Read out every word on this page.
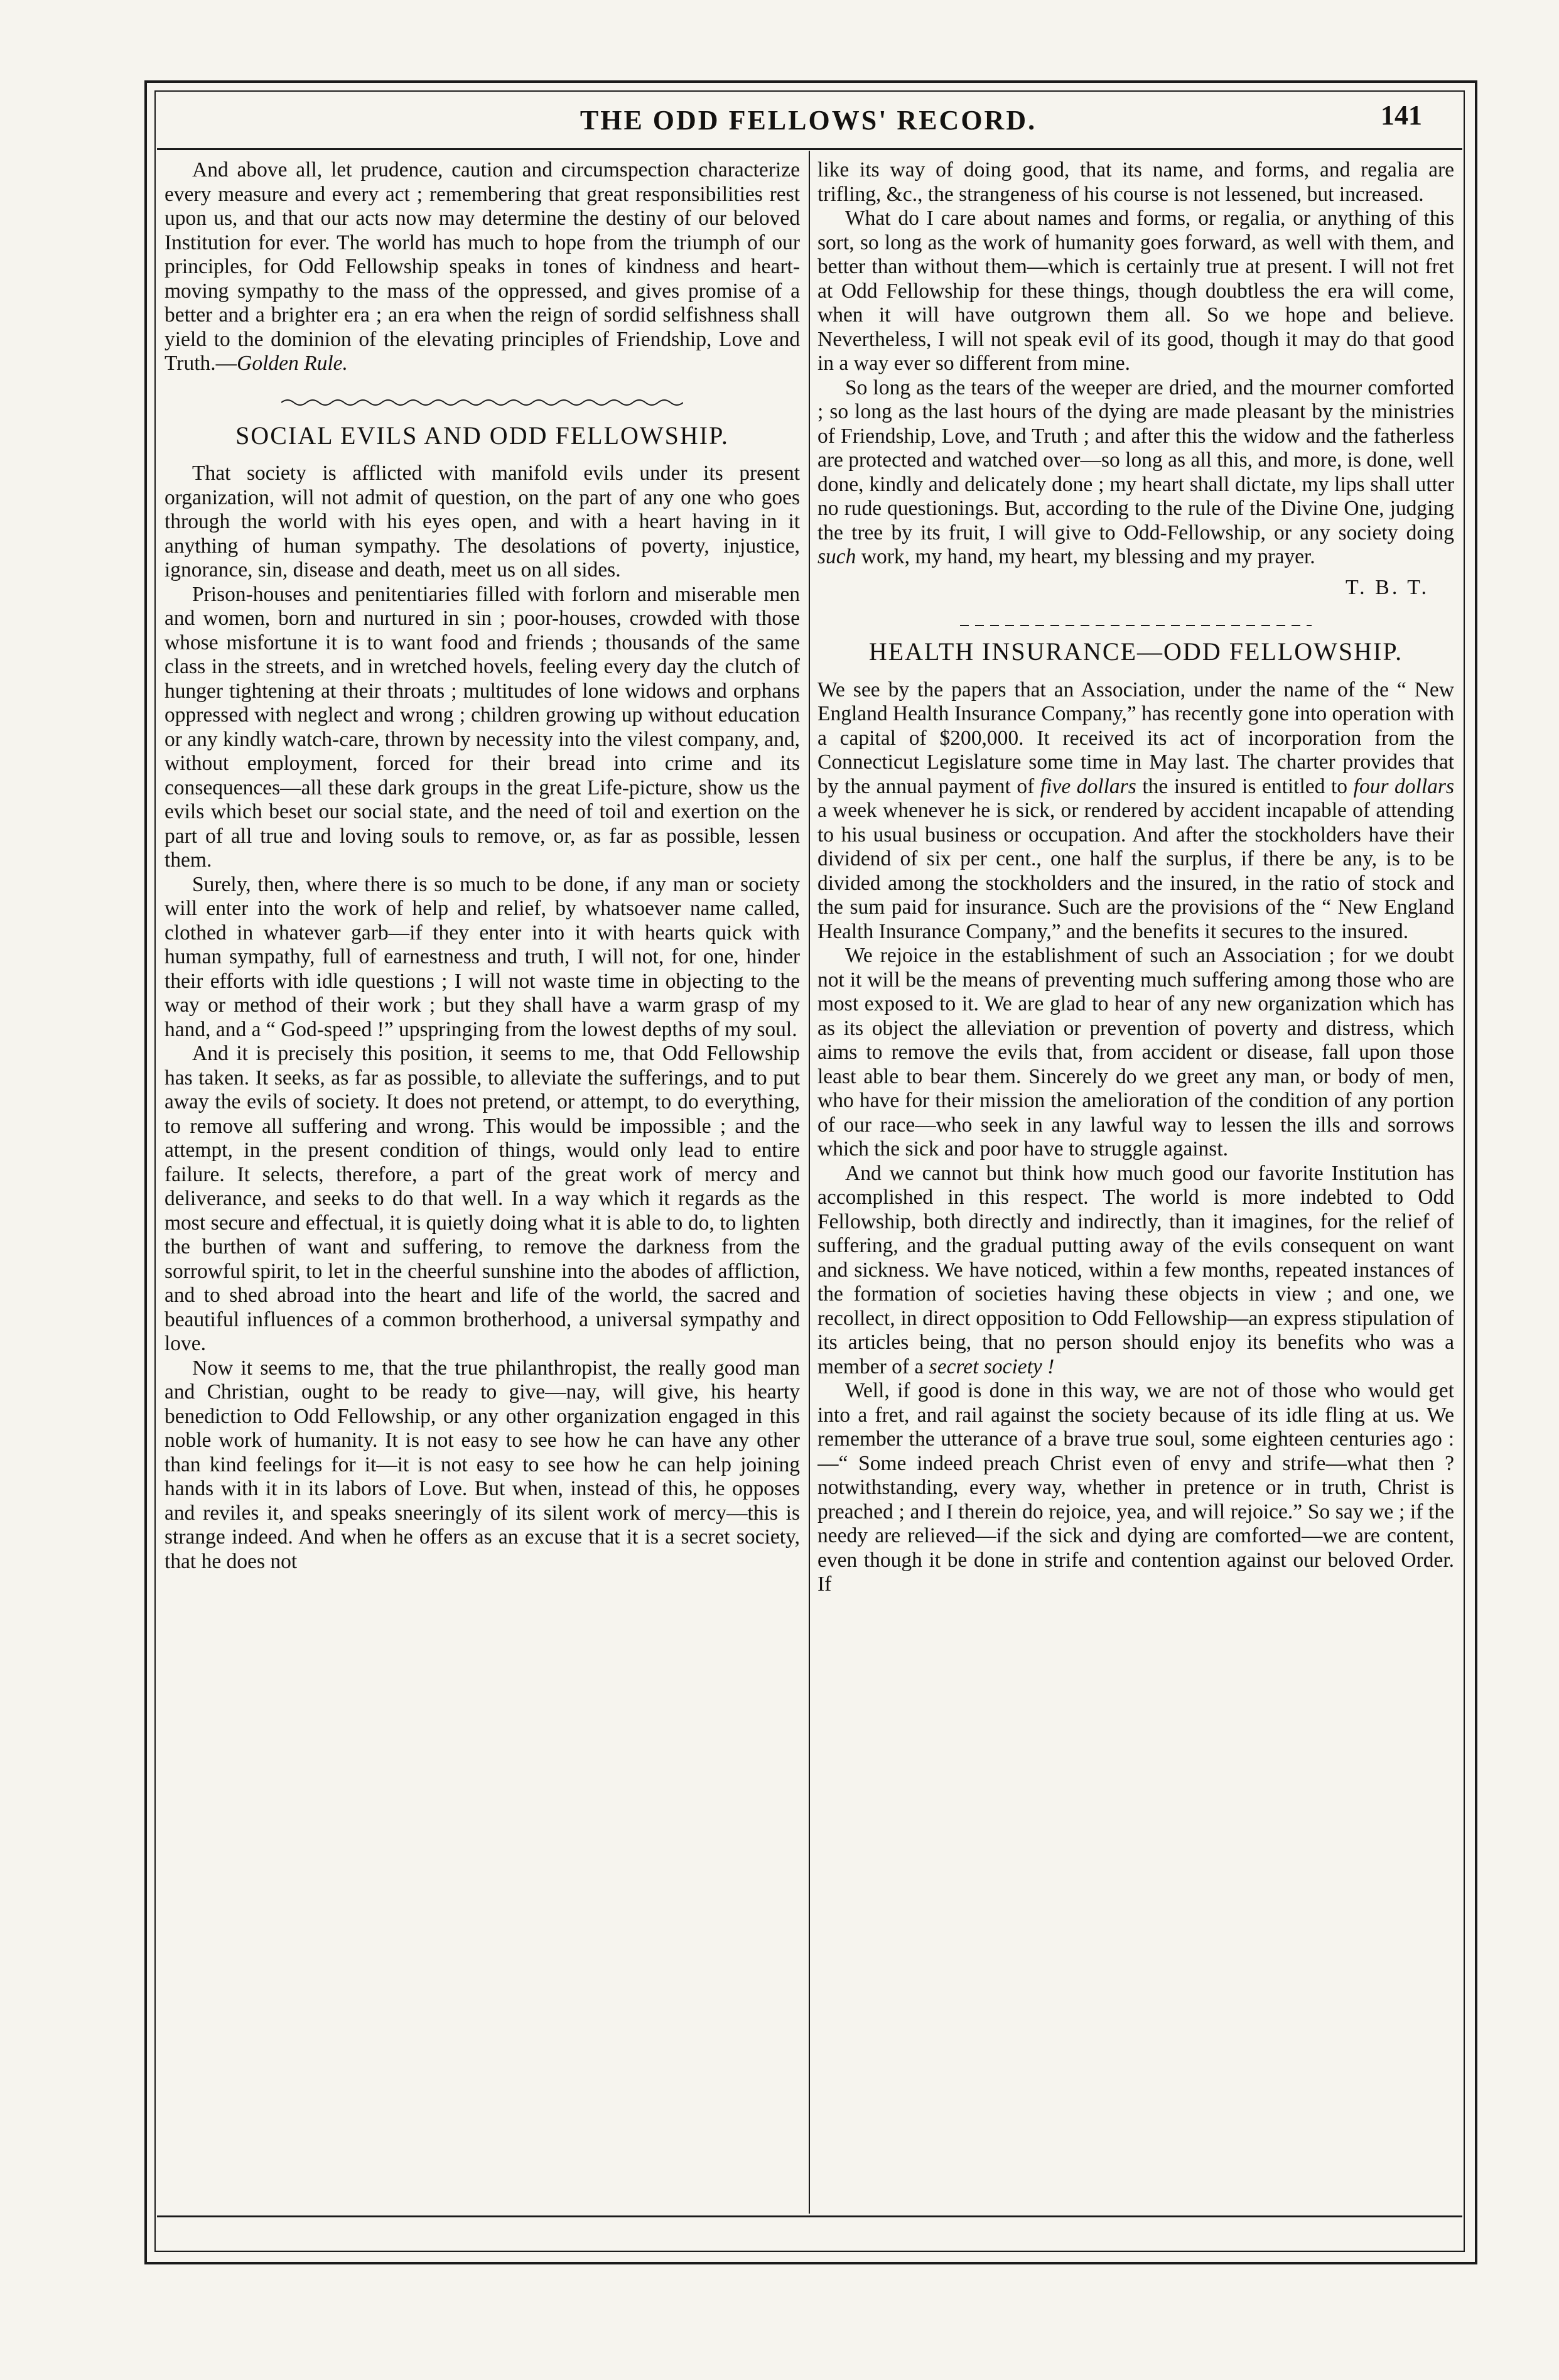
THE ODD FELLOWS' RECORD.	141

And above all, let prudence, caution and circumspection characterize every measure and every act ; remembering that great responsibilities rest upon us, and that our acts now may determine the destiny of our beloved Institution for ever. The world has much to hope from the triumph of our principles, for Odd Fellowship speaks in tones of kindness and heart-moving sympathy to the mass of the oppressed, and gives promise of a better and a brighter era ; an era when the reign of sordid selfishness shall yield to the dominion of the elevating principles of Friendship, Love and Truth.—Golden Rule.

SOCIAL EVILS AND ODD FELLOWSHIP.

That society is afflicted with manifold evils under its present organization, will not admit of question, on the part of any one who goes through the world with his eyes open, and with a heart having in it anything of human sympathy. The desolations of poverty, injustice, ignorance, sin, disease and death, meet us on all sides.

Prison-houses and penitentiaries filled with forlorn and miserable men and women, born and nurtured in sin ; poor-houses, crowded with those whose misfortune it is to want food and friends ; thousands of the same class in the streets, and in wretched hovels, feeling every day the clutch of hunger tightening at their throats ; multitudes of lone widows and orphans oppressed with neglect and wrong ; children growing up without education or any kindly watch-care, thrown by necessity into the vilest company, and, without employment, forced for their bread into crime and its consequences—all these dark groups in the great Life-picture, show us the evils which beset our social state, and the need of toil and exertion on the part of all true and loving souls to remove, or, as far as possible, lessen them.

Surely, then, where there is so much to be done, if any man or society will enter into the work of help and relief, by whatsoever name called, clothed in whatever garb—if they enter into it with hearts quick with human sympathy, full of earnestness and truth, I will not, for one, hinder their efforts with idle questions ; I will not waste time in objecting to the way or method of their work ; but they shall have a warm grasp of my hand, and a “ God-speed !” upspringing from the lowest depths of my soul.

And it is precisely this position, it seems to me, that Odd Fellowship has taken. It seeks, as far as possible, to alleviate the sufferings, and to put away the evils of society. It does not pretend, or attempt, to do everything, to remove all suffering and wrong. This would be impossible ; and the attempt, in the present condition of things, would only lead to entire failure. It selects, therefore, a part of the great work of mercy and deliverance, and seeks to do that well. In a way which it regards as the most secure and effectual, it is quietly doing what it is able to do, to lighten the burthen of want and suffering, to remove the darkness from the sorrowful spirit, to let in the cheerful sunshine into the abodes of affliction, and to shed abroad into the heart and life of the world, the sacred and beautiful influences of a common brotherhood, a universal sympathy and love.

Now it seems to me, that the true philanthropist, the really good man and Christian, ought to be ready to give—nay, will give, his hearty benediction to Odd Fellowship, or any other organization engaged in this noble work of humanity. It is not easy to see how he can have any other than kind feelings for it—it is not easy to see how he can help joining hands with it in its labors of Love. But when, instead of this, he opposes and reviles it, and speaks sneeringly of its silent work of mercy—this is strange indeed. And when he offers as an excuse that it is a secret society, that he does not

like its way of doing good, that its name, and forms, and regalia are trifling, &c., the strangeness of his course is not lessened, but increased.

What do I care about names and forms, or regalia, or anything of this sort, so long as the work of humanity goes forward, as well with them, and better than without them—which is certainly true at present. I will not fret at Odd Fellowship for these things, though doubtless the era will come, when it will have outgrown them all. So we hope and believe. Nevertheless, I will not speak evil of its good, though it may do that good in a way ever so different from mine.

So long as the tears of the weeper are dried, and the mourner comforted ; so long as the last hours of the dying are made pleasant by the ministries of Friendship, Love, and Truth ; and after this the widow and the fatherless are protected and watched over—so long as all this, and more, is done, well done, kindly and delicately done ; my heart shall dictate, my lips shall utter no rude questionings. But, according to the rule of the Divine One, judging the tree by its fruit, I will give to Odd-Fellowship, or any society doing such work, my hand, my heart, my blessing and my prayer.

T. B. T.
HEALTH INSURANCE—ODD FELLOWSHIP.

We see by the papers that an Association, under the name of the “ New England Health Insurance Company,” has recently gone into operation with a capital of $200,000. It received its act of incorporation from the Connecticut Legislature some time in May last. The charter provides that by the annual payment of five dollars the insured is entitled to four dollars a week whenever he is sick, or rendered by accident incapable of attending to his usual business or occupation. And after the stockholders have their dividend of six per cent., one half the surplus, if there be any, is to be divided among the stockholders and the insured, in the ratio of stock and the sum paid for insurance. Such are the provisions of the “ New England Health Insurance Company,” and the benefits it secures to the insured.

We rejoice in the establishment of such an Association ; for we doubt not it will be the means of preventing much suffering among those who are most exposed to it. We are glad to hear of any new organization which has as its object the alleviation or prevention of poverty and distress, which aims to remove the evils that, from accident or disease, fall upon those least able to bear them. Sincerely do we greet any man, or body of men, who have for their mission the amelioration of the condition of any portion of our race—who seek in any lawful way to lessen the ills and sorrows which the sick and poor have to struggle against.

And we cannot but think how much good our favorite Institution has accomplished in this respect. The world is more indebted to Odd Fellowship, both directly and indirectly, than it imagines, for the relief of suffering, and the gradual putting away of the evils consequent on want and sickness. We have noticed, within a few months, repeated instances of the formation of societies having these objects in view ; and one, we recollect, in direct opposition to Odd Fellowship—an express stipulation of its articles being, that no person should enjoy its benefits who was a member of a secret society !

Well, if good is done in this way, we are not of those who would get into a fret, and rail against the society because of its idle fling at us. We remember the utterance of a brave true soul, some eighteen centuries ago :—“ Some indeed preach Christ even of envy and strife—what then ? notwithstanding, every way, whether in pretence or in truth, Christ is preached ; and I therein do rejoice, yea, and will rejoice.” So say we ; if the needy are relieved—if the sick and dying are comforted—we are content, even though it be done in strife and contention against our beloved Order. If
